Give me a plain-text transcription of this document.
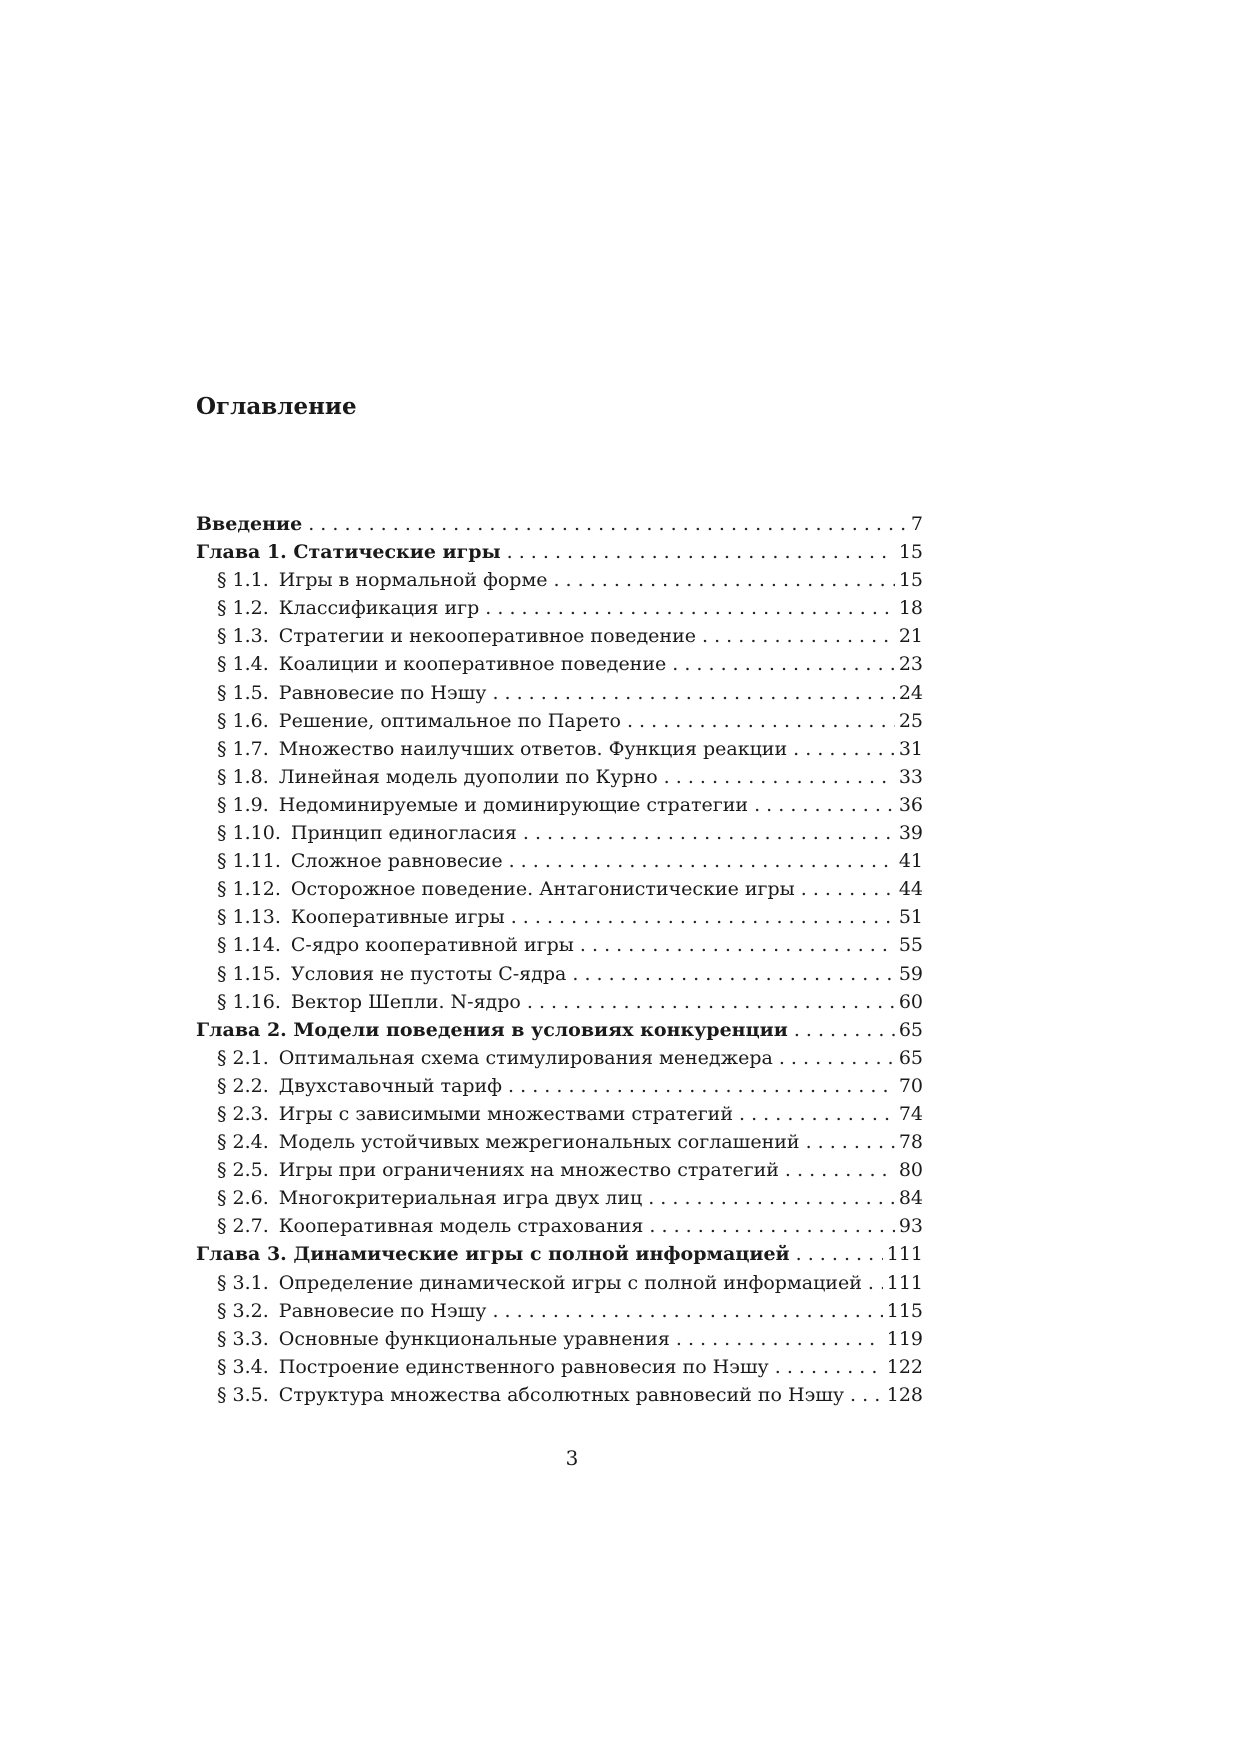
Оглавление
Введение . . .	7
Глава 1. Статические игры . . .	15
§ 1.1. Игры в нормальной форме . . .	15
§ 1.2. Классификация игр . . .	18
§ 1.3. Стратегии и некооперативное поведение . . .	21
§ 1.4. Коалиции и кооперативное поведение . . .	23
§ 1.5. Равновесие по Нэшу . . .	24
§ 1.6. Решение, оптимальное по Парето . . .	25
§ 1.7. Множество наилучших ответов. Функция реакции . . .	31
§ 1.8. Линейная модель дуополии по Курно . . .	33
§ 1.9. Недоминируемые и доминирующие стратегии . . .	36
§ 1.10. Принцип единогласия . . .	39
§ 1.11. Сложное равновесие . . .	41
§ 1.12. Осторожное поведение. Антагонистические игры . . .	44
§ 1.13. Кооперативные игры . . .	51
§ 1.14. C-ядро кооперативной игры . . .	55
§ 1.15. Условия не пустоты C-ядра . . .	59
§ 1.16. Вектор Шепли. N-ядро . . .	60
Глава 2. Модели поведения в условиях конкуренции . . .	65
§ 2.1. Оптимальная схема стимулирования менеджера . . .	65
§ 2.2. Двухставочный тариф . . .	70
§ 2.3. Игры с зависимыми множествами стратегий . . .	74
§ 2.4. Модель устойчивых межрегиональных соглашений . . .	78
§ 2.5. Игры при ограничениях на множество стратегий . . .	80
§ 2.6. Многокритериальная игра двух лиц . . .	84
§ 2.7. Кооперативная модель страхования . . .	93
Глава 3. Динамические игры с полной информацией . . .	111
§ 3.1. Определение динамической игры с полной информацией . . . 111
§ 3.2. Равновесие по Нэшу . . .	115
§ 3.3. Основные функциональные уравнения . . .	119
§ 3.4. Построение единственного равновесия по Нэшу . . .	122
§ 3.5. Структура множества абсолютных равновесий по Нэшу . . . 128
3
